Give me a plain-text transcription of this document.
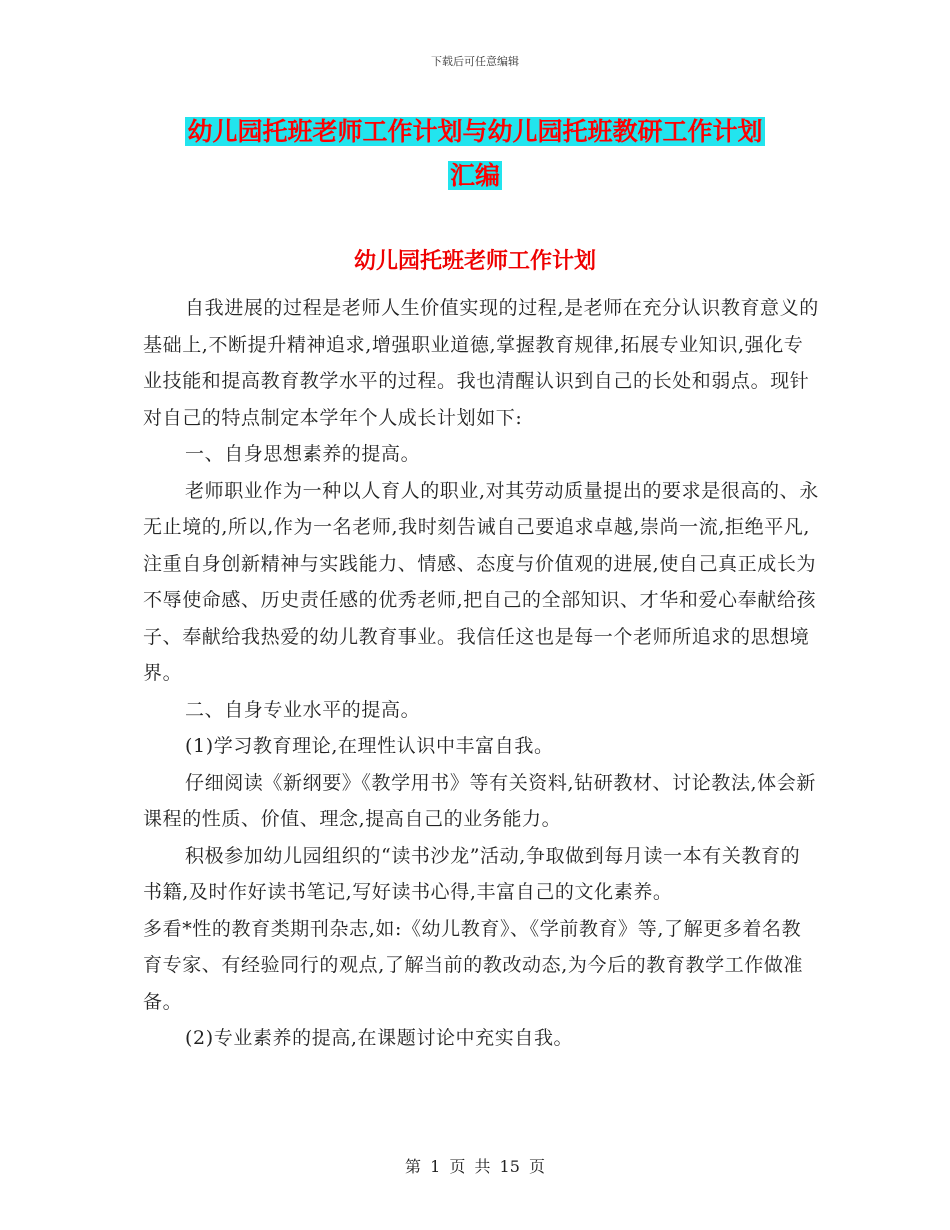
下载后可任意编辑
幼儿园托班老师工作计划与幼儿园托班教研工作计划
汇编
幼儿园托班老师工作计划

自我进展的过程是老师人生价值实现的过程,是老师在充分认识教育意义的基础上,不断提升精神追求,增强职业道德,掌握教育规律,拓展专业知识,强化专业技能和提高教育教学水平的过程。我也清醒认识到自己的长处和弱点。现针对自己的特点制定本学年个人成长计划如下:

一、自身思想素养的提高。

老师职业作为一种以人育人的职业,对其劳动质量提出的要求是很高的、永无止境的,所以,作为一名老师,我时刻告诫自己要追求卓越,崇尚一流,拒绝平凡,注重自身创新精神与实践能力、情感、态度与价值观的进展,使自己真正成长为不辱使命感、历史责任感的优秀老师,把自己的全部知识、才华和爱心奉献给孩子、奉献给我热爱的幼儿教育事业。我信任这也是每一个老师所追求的思想境界。

二、自身专业水平的提高。

(1)学习教育理论,在理性认识中丰富自我。

仔细阅读《新纲要》《教学用书》等有关资料,钻研教材、讨论教法,体会新课程的性质、价值、理念,提高自己的业务能力。

积极参加幼儿园组织的“读书沙龙”活动,争取做到每月读一本有关教育的书籍,及时作好读书笔记,写好读书心得,丰富自己的文化素养。

多看*性的教育类期刊杂志,如:《幼儿教育》、《学前教育》等,了解更多着名教育专家、有经验同行的观点,了解当前的教改动态,为今后的教育教学工作做准备。

(2)专业素养的提高,在课题讨论中充实自我。

第 1 页 共 15 页
